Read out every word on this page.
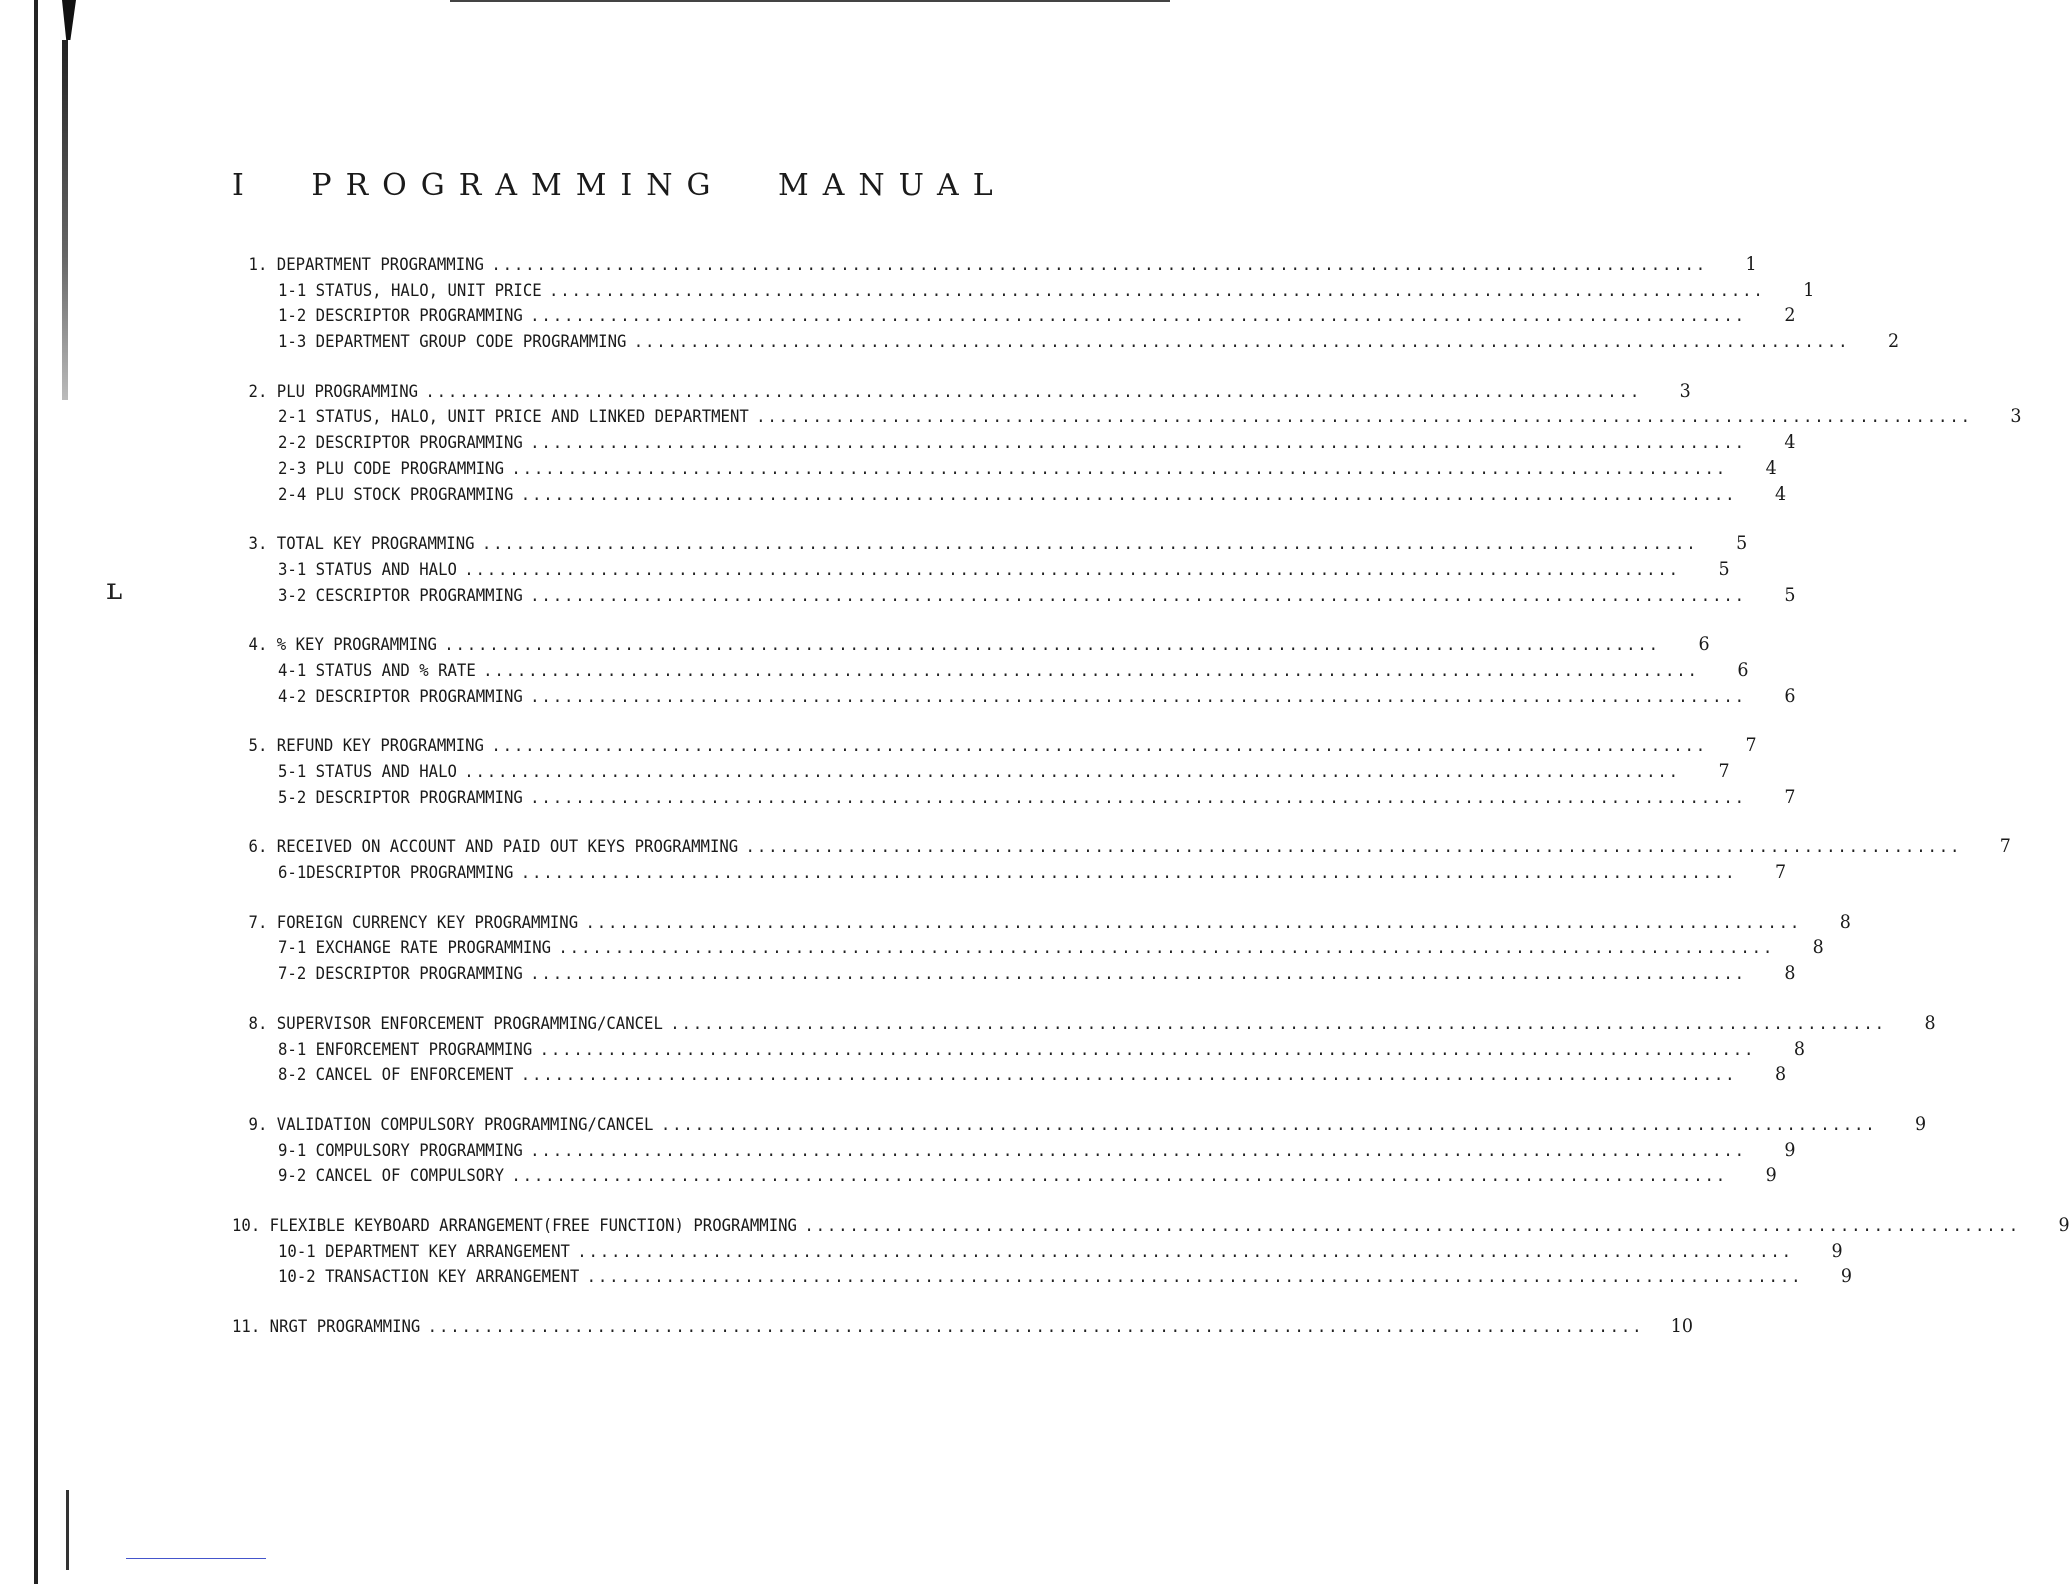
ʟ
I PROGRAMMING MANUAL
1. DEPARTMENT PROGRAMMING ............................................................................................................	1
1-1 STATUS, HALO, UNIT PRICE ............................................................................................................	1
1-2 DESCRIPTOR PROGRAMMING ............................................................................................................	2
1-3 DEPARTMENT GROUP CODE PROGRAMMING ............................................................................................................	2
2. PLU PROGRAMMING ............................................................................................................	3
2-1 STATUS, HALO, UNIT PRICE AND LINKED DEPARTMENT ............................................................................................................	3
2-2 DESCRIPTOR PROGRAMMING ............................................................................................................	4
2-3 PLU CODE PROGRAMMING ............................................................................................................	4
2-4 PLU STOCK PROGRAMMING ............................................................................................................	4
3. TOTAL KEY PROGRAMMING ............................................................................................................	5
3-1 STATUS AND HALO ............................................................................................................	5
3-2 CESCRIPTOR PROGRAMMING ............................................................................................................	5
4. % KEY PROGRAMMING ............................................................................................................	6
4-1 STATUS AND % RATE ............................................................................................................	6
4-2 DESCRIPTOR PROGRAMMING ............................................................................................................	6
5. REFUND KEY PROGRAMMING ............................................................................................................	7
5-1 STATUS AND HALO ............................................................................................................	7
5-2 DESCRIPTOR PROGRAMMING ............................................................................................................	7
6. RECEIVED ON ACCOUNT AND PAID OUT KEYS PROGRAMMING ............................................................................................................	7
6-1DESCRIPTOR PROGRAMMING ............................................................................................................	7
7. FOREIGN CURRENCY KEY PROGRAMMING ............................................................................................................	8
7-1 EXCHANGE RATE PROGRAMMING ............................................................................................................	8
7-2 DESCRIPTOR PROGRAMMING ............................................................................................................	8
8. SUPERVISOR ENFORCEMENT PROGRAMMING/CANCEL ............................................................................................................	8
8-1 ENFORCEMENT PROGRAMMING ............................................................................................................	8
8-2 CANCEL OF ENFORCEMENT ............................................................................................................	8
9. VALIDATION COMPULSORY PROGRAMMING/CANCEL ............................................................................................................	9
9-1 COMPULSORY PROGRAMMING ............................................................................................................	9
9-2 CANCEL OF COMPULSORY ............................................................................................................	9
10. FLEXIBLE KEYBOARD ARRANGEMENT(FREE FUNCTION) PROGRAMMING ............................................................................................................	9
10-1 DEPARTMENT KEY ARRANGEMENT ............................................................................................................	9
10-2 TRANSACTION KEY ARRANGEMENT ............................................................................................................	9
11. NRGT PROGRAMMING ............................................................................................................	10
